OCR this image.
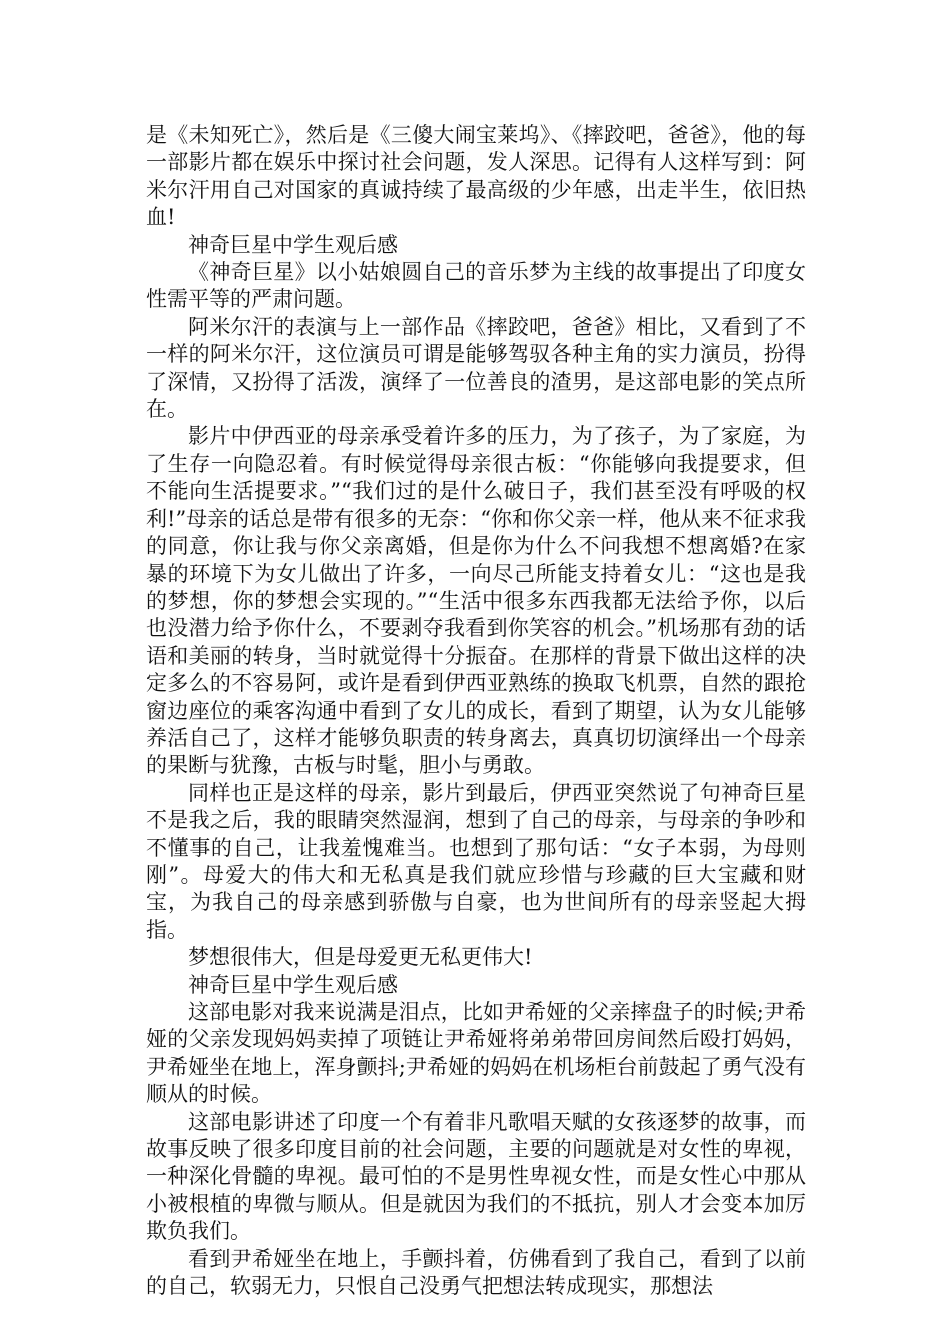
是《未知死亡》，然后是《三傻大闹宝莱坞》、《摔跤吧，爸爸》，他的每一部影片都在娱乐中探讨社会问题，发人深思。记得有人这样写到：阿米尔汗用自己对国家的真诚持续了最高级的少年感，出走半生，依旧热血!

神奇巨星中学生观后感

《神奇巨星》以小姑娘圆自己的音乐梦为主线的故事提出了印度女性需平等的严肃问题。

阿米尔汗的表演与上一部作品《摔跤吧，爸爸》相比，又看到了不一样的阿米尔汗，这位演员可谓是能够驾驭各种主角的实力演员，扮得了深情，又扮得了活泼，演绎了一位善良的渣男，是这部电影的笑点所在。

影片中伊西亚的母亲承受着许多的压力，为了孩子，为了家庭，为了生存一向隐忍着。有时候觉得母亲很古板：“你能够向我提要求，但不能向生活提要求。”“我们过的是什么破日子，我们甚至没有呼吸的权利!”母亲的话总是带有很多的无奈：“你和你父亲一样，他从来不征求我的同意，你让我与你父亲离婚，但是你为什么不问我想不想离婚?在家暴的环境下为女儿做出了许多，一向尽己所能支持着女儿：“这也是我的梦想，你的梦想会实现的。”“生活中很多东西我都无法给予你，以后也没潜力给予你什么，不要剥夺我看到你笑容的机会。”机场那有劲的话语和美丽的转身，当时就觉得十分振奋。在那样的背景下做出这样的决定多么的不容易阿，或许是看到伊西亚熟练的换取飞机票，自然的跟抢窗边座位的乘客沟通中看到了女儿的成长，看到了期望，认为女儿能够养活自己了，这样才能够负职责的转身离去，真真切切演绎出一个母亲的果断与犹豫，古板与时髦，胆小与勇敢。

同样也正是这样的母亲，影片到最后，伊西亚突然说了句神奇巨星不是我之后，我的眼睛突然湿润，想到了自己的母亲，与母亲的争吵和不懂事的自己，让我羞愧难当。也想到了那句话：“女子本弱，为母则刚”。母爱大的伟大和无私真是我们就应珍惜与珍藏的巨大宝藏和财宝，为我自己的母亲感到骄傲与自豪，也为世间所有的母亲竖起大拇指。

梦想很伟大，但是母爱更无私更伟大!

神奇巨星中学生观后感

这部电影对我来说满是泪点，比如尹希娅的父亲摔盘子的时候;尹希娅的父亲发现妈妈卖掉了项链让尹希娅将弟弟带回房间然后殴打妈妈，尹希娅坐在地上，浑身颤抖;尹希娅的妈妈在机场柜台前鼓起了勇气没有顺从的时候。

这部电影讲述了印度一个有着非凡歌唱天赋的女孩逐梦的故事，而故事反映了很多印度目前的社会问题，主要的问题就是对女性的卑视，一种深化骨髓的卑视。最可怕的不是男性卑视女性，而是女性心中那从小被根植的卑微与顺从。但是就因为我们的不抵抗，别人才会变本加厉欺负我们。

看到尹希娅坐在地上，手颤抖着，仿佛看到了我自己，看到了以前的自己，软弱无力，只恨自己没勇气把想法转成现实，那想法
